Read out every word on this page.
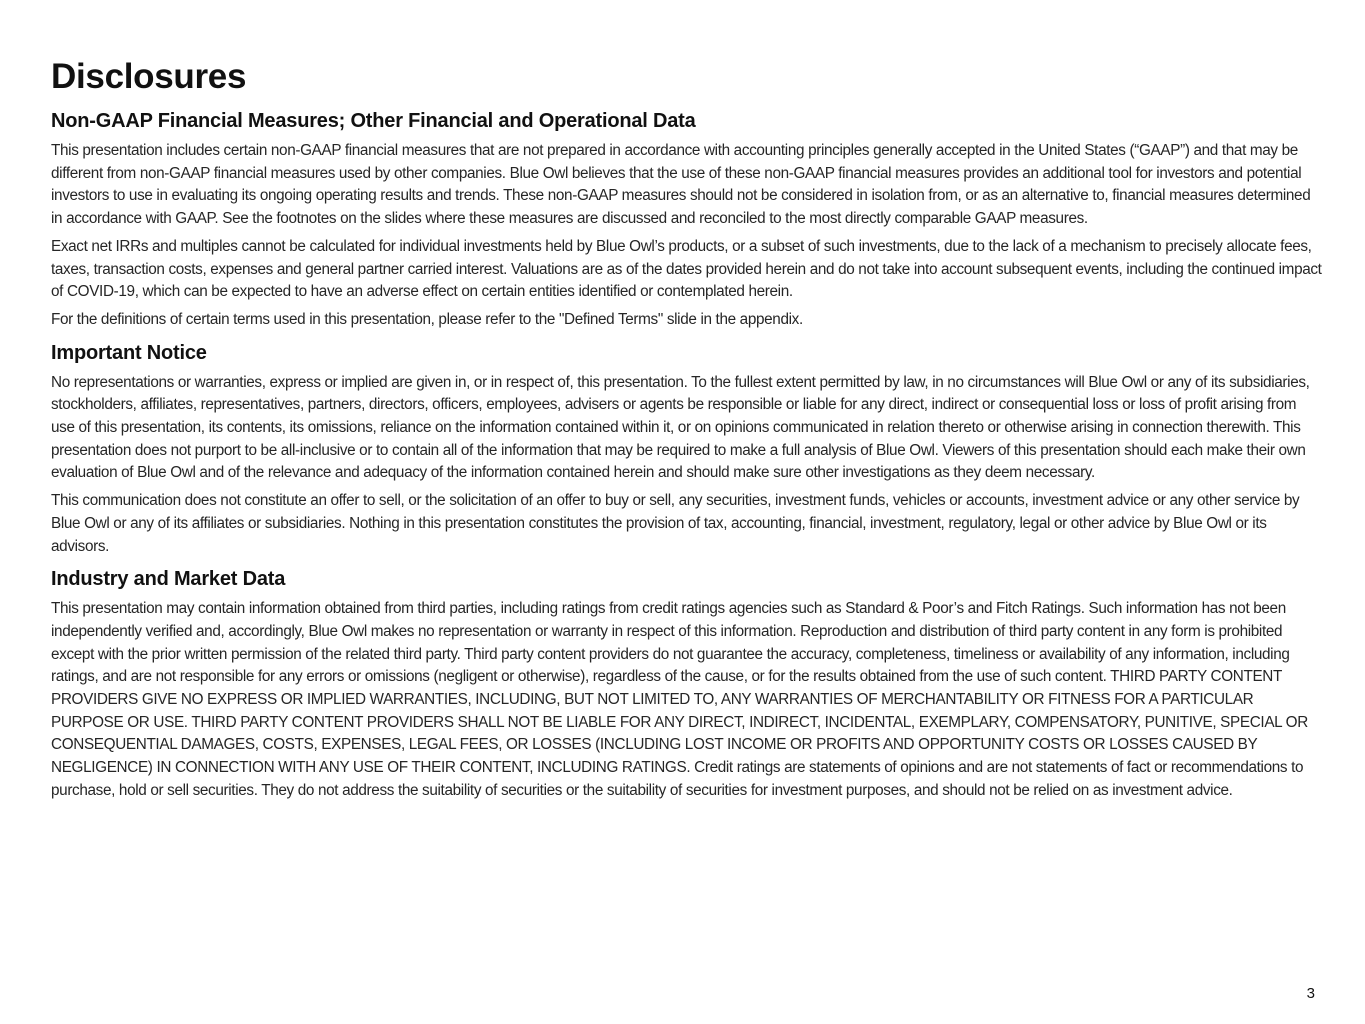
Disclosures
Non-GAAP Financial Measures; Other Financial and Operational Data

This presentation includes certain non-GAAP financial measures that are not prepared in accordance with accounting principles generally accepted in the United States (“GAAP”) and that may be different from non-GAAP financial measures used by other companies. Blue Owl believes that the use of these non-GAAP financial measures provides an additional tool for investors and potential investors to use in evaluating its ongoing operating results and trends. These non-GAAP measures should not be considered in isolation from, or as an alternative to, financial measures determined in accordance with GAAP. See the footnotes on the slides where these measures are discussed and reconciled to the most directly comparable GAAP measures.

Exact net IRRs and multiples cannot be calculated for individual investments held by Blue Owl’s products, or a subset of such investments, due to the lack of a mechanism to precisely allocate fees, taxes, transaction costs, expenses and general partner carried interest. Valuations are as of the dates provided herein and do not take into account subsequent events, including the continued impact of COVID-19, which can be expected to have an adverse effect on certain entities identified or contemplated herein.

For the definitions of certain terms used in this presentation, please refer to the "Defined Terms" slide in the appendix.

Important Notice

No representations or warranties, express or implied are given in, or in respect of, this presentation. To the fullest extent permitted by law, in no circumstances will Blue Owl or any of its subsidiaries, stockholders, affiliates, representatives, partners, directors, officers, employees, advisers or agents be responsible or liable for any direct, indirect or consequential loss or loss of profit arising from use of this presentation, its contents, its omissions, reliance on the information contained within it, or on opinions communicated in relation thereto or otherwise arising in connection therewith. This presentation does not purport to be all-inclusive or to contain all of the information that may be required to make a full analysis of Blue Owl. Viewers of this presentation should each make their own evaluation of Blue Owl and of the relevance and adequacy of the information contained herein and should make sure other investigations as they deem necessary.

This communication does not constitute an offer to sell, or the solicitation of an offer to buy or sell, any securities, investment funds, vehicles or accounts, investment advice or any other service by Blue Owl or any of its affiliates or subsidiaries. Nothing in this presentation constitutes the provision of tax, accounting, financial, investment, regulatory, legal or other advice by Blue Owl or its advisors.

Industry and Market Data

This presentation may contain information obtained from third parties, including ratings from credit ratings agencies such as Standard & Poor’s and Fitch Ratings. Such information has not been independently verified and, accordingly, Blue Owl makes no representation or warranty in respect of this information. Reproduction and distribution of third party content in any form is prohibited except with the prior written permission of the related third party. Third party content providers do not guarantee the accuracy, completeness, timeliness or availability of any information, including ratings, and are not responsible for any errors or omissions (negligent or otherwise), regardless of the cause, or for the results obtained from the use of such content. THIRD PARTY CONTENT PROVIDERS GIVE NO EXPRESS OR IMPLIED WARRANTIES, INCLUDING, BUT NOT LIMITED TO, ANY WARRANTIES OF MERCHANTABILITY OR FITNESS FOR A PARTICULAR PURPOSE OR USE. THIRD PARTY CONTENT PROVIDERS SHALL NOT BE LIABLE FOR ANY DIRECT, INDIRECT, INCIDENTAL, EXEMPLARY, COMPENSATORY, PUNITIVE, SPECIAL OR CONSEQUENTIAL DAMAGES, COSTS, EXPENSES, LEGAL FEES, OR LOSSES (INCLUDING LOST INCOME OR PROFITS AND OPPORTUNITY COSTS OR LOSSES CAUSED BY NEGLIGENCE) IN CONNECTION WITH ANY USE OF THEIR CONTENT, INCLUDING RATINGS. Credit ratings are statements of opinions and are not statements of fact or recommendations to purchase, hold or sell securities. They do not address the suitability of securities or the suitability of securities for investment purposes, and should not be relied on as investment advice.

3
